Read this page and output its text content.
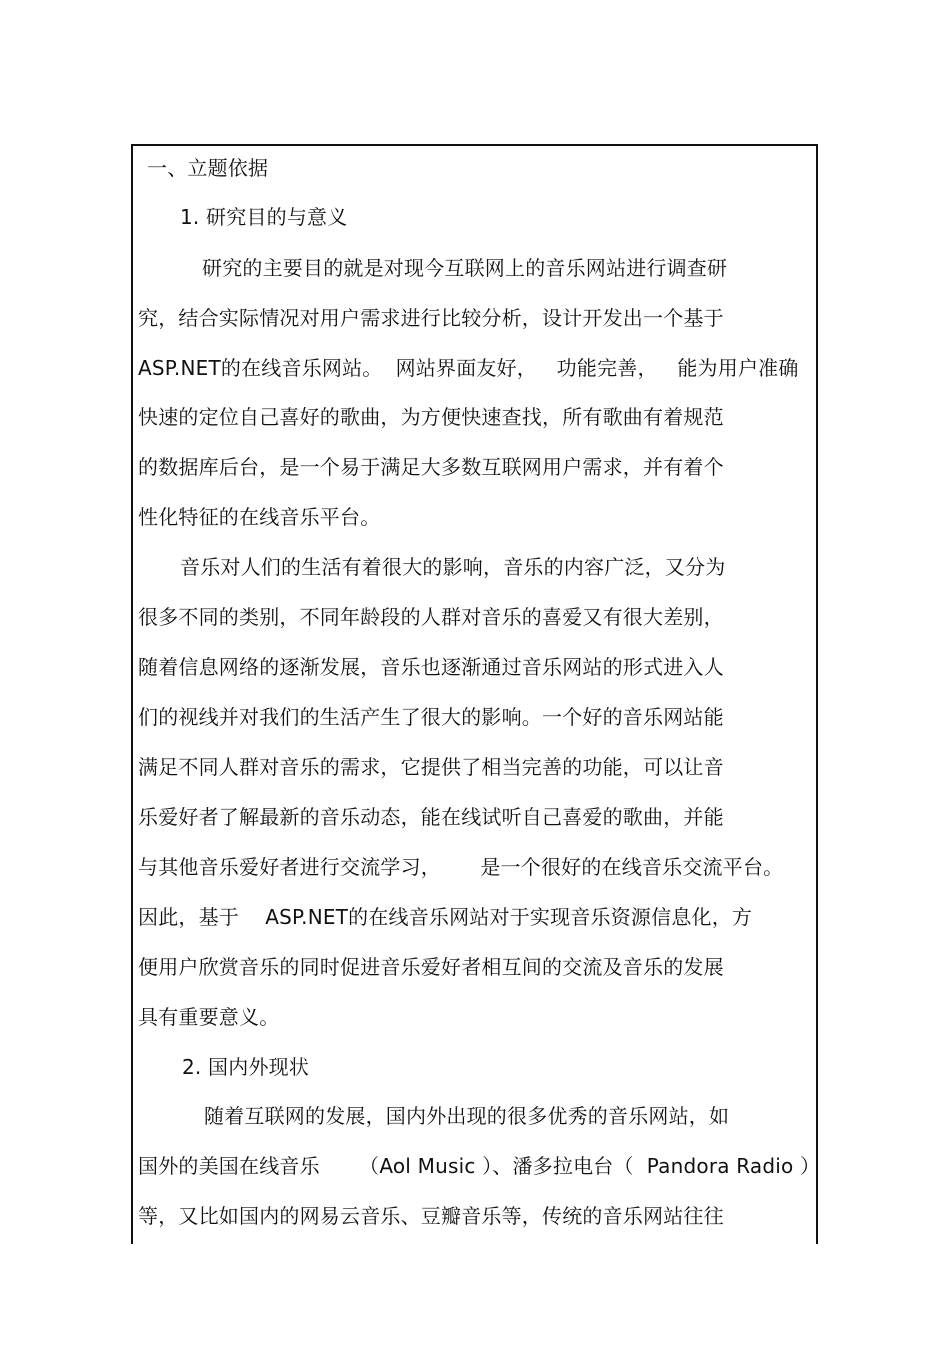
一、立题依据
1. 研究目的与意义
研究的主要目的就是对现今互联网上的音乐网站进行调查研
究，结合实际情况对用户需求进行比较分析，设计开发出一个基于
ASP.NET的在线音乐网站。  网站界面友好，   功能完善，   能为用户准确
快速的定位自己喜好的歌曲，为方便快速查找，所有歌曲有着规范
的数据库后台，是一个易于满足大多数互联网用户需求，并有着个
性化特征的在线音乐平台。
音乐对人们的生活有着很大的影响，音乐的内容广泛，又分为
很多不同的类别，不同年龄段的人群对音乐的喜爱又有很大差别，
随着信息网络的逐渐发展，音乐也逐渐通过音乐网站的形式进入人
们的视线并对我们的生活产生了很大的影响。一个好的音乐网站能
满足不同人群对音乐的需求，它提供了相当完善的功能，可以让音
乐爱好者了解最新的音乐动态，能在线试听自己喜爱的歌曲，并能
与其他音乐爱好者进行交流学习，      是一个很好的在线音乐交流平台。
因此，基于    ASP.NET的在线音乐网站对于实现音乐资源信息化，方
便用户欣赏音乐的同时促进音乐爱好者相互间的交流及音乐的发展
具有重要意义。
2. 国内外现状
随着互联网的发展，国内外出现的很多优秀的音乐网站，如
国外的美国在线音乐      （Aol Music ）、潘多拉电台（  Pandora Radio ）
等，又比如国内的网易云音乐、豆瓣音乐等，传统的音乐网站往往
